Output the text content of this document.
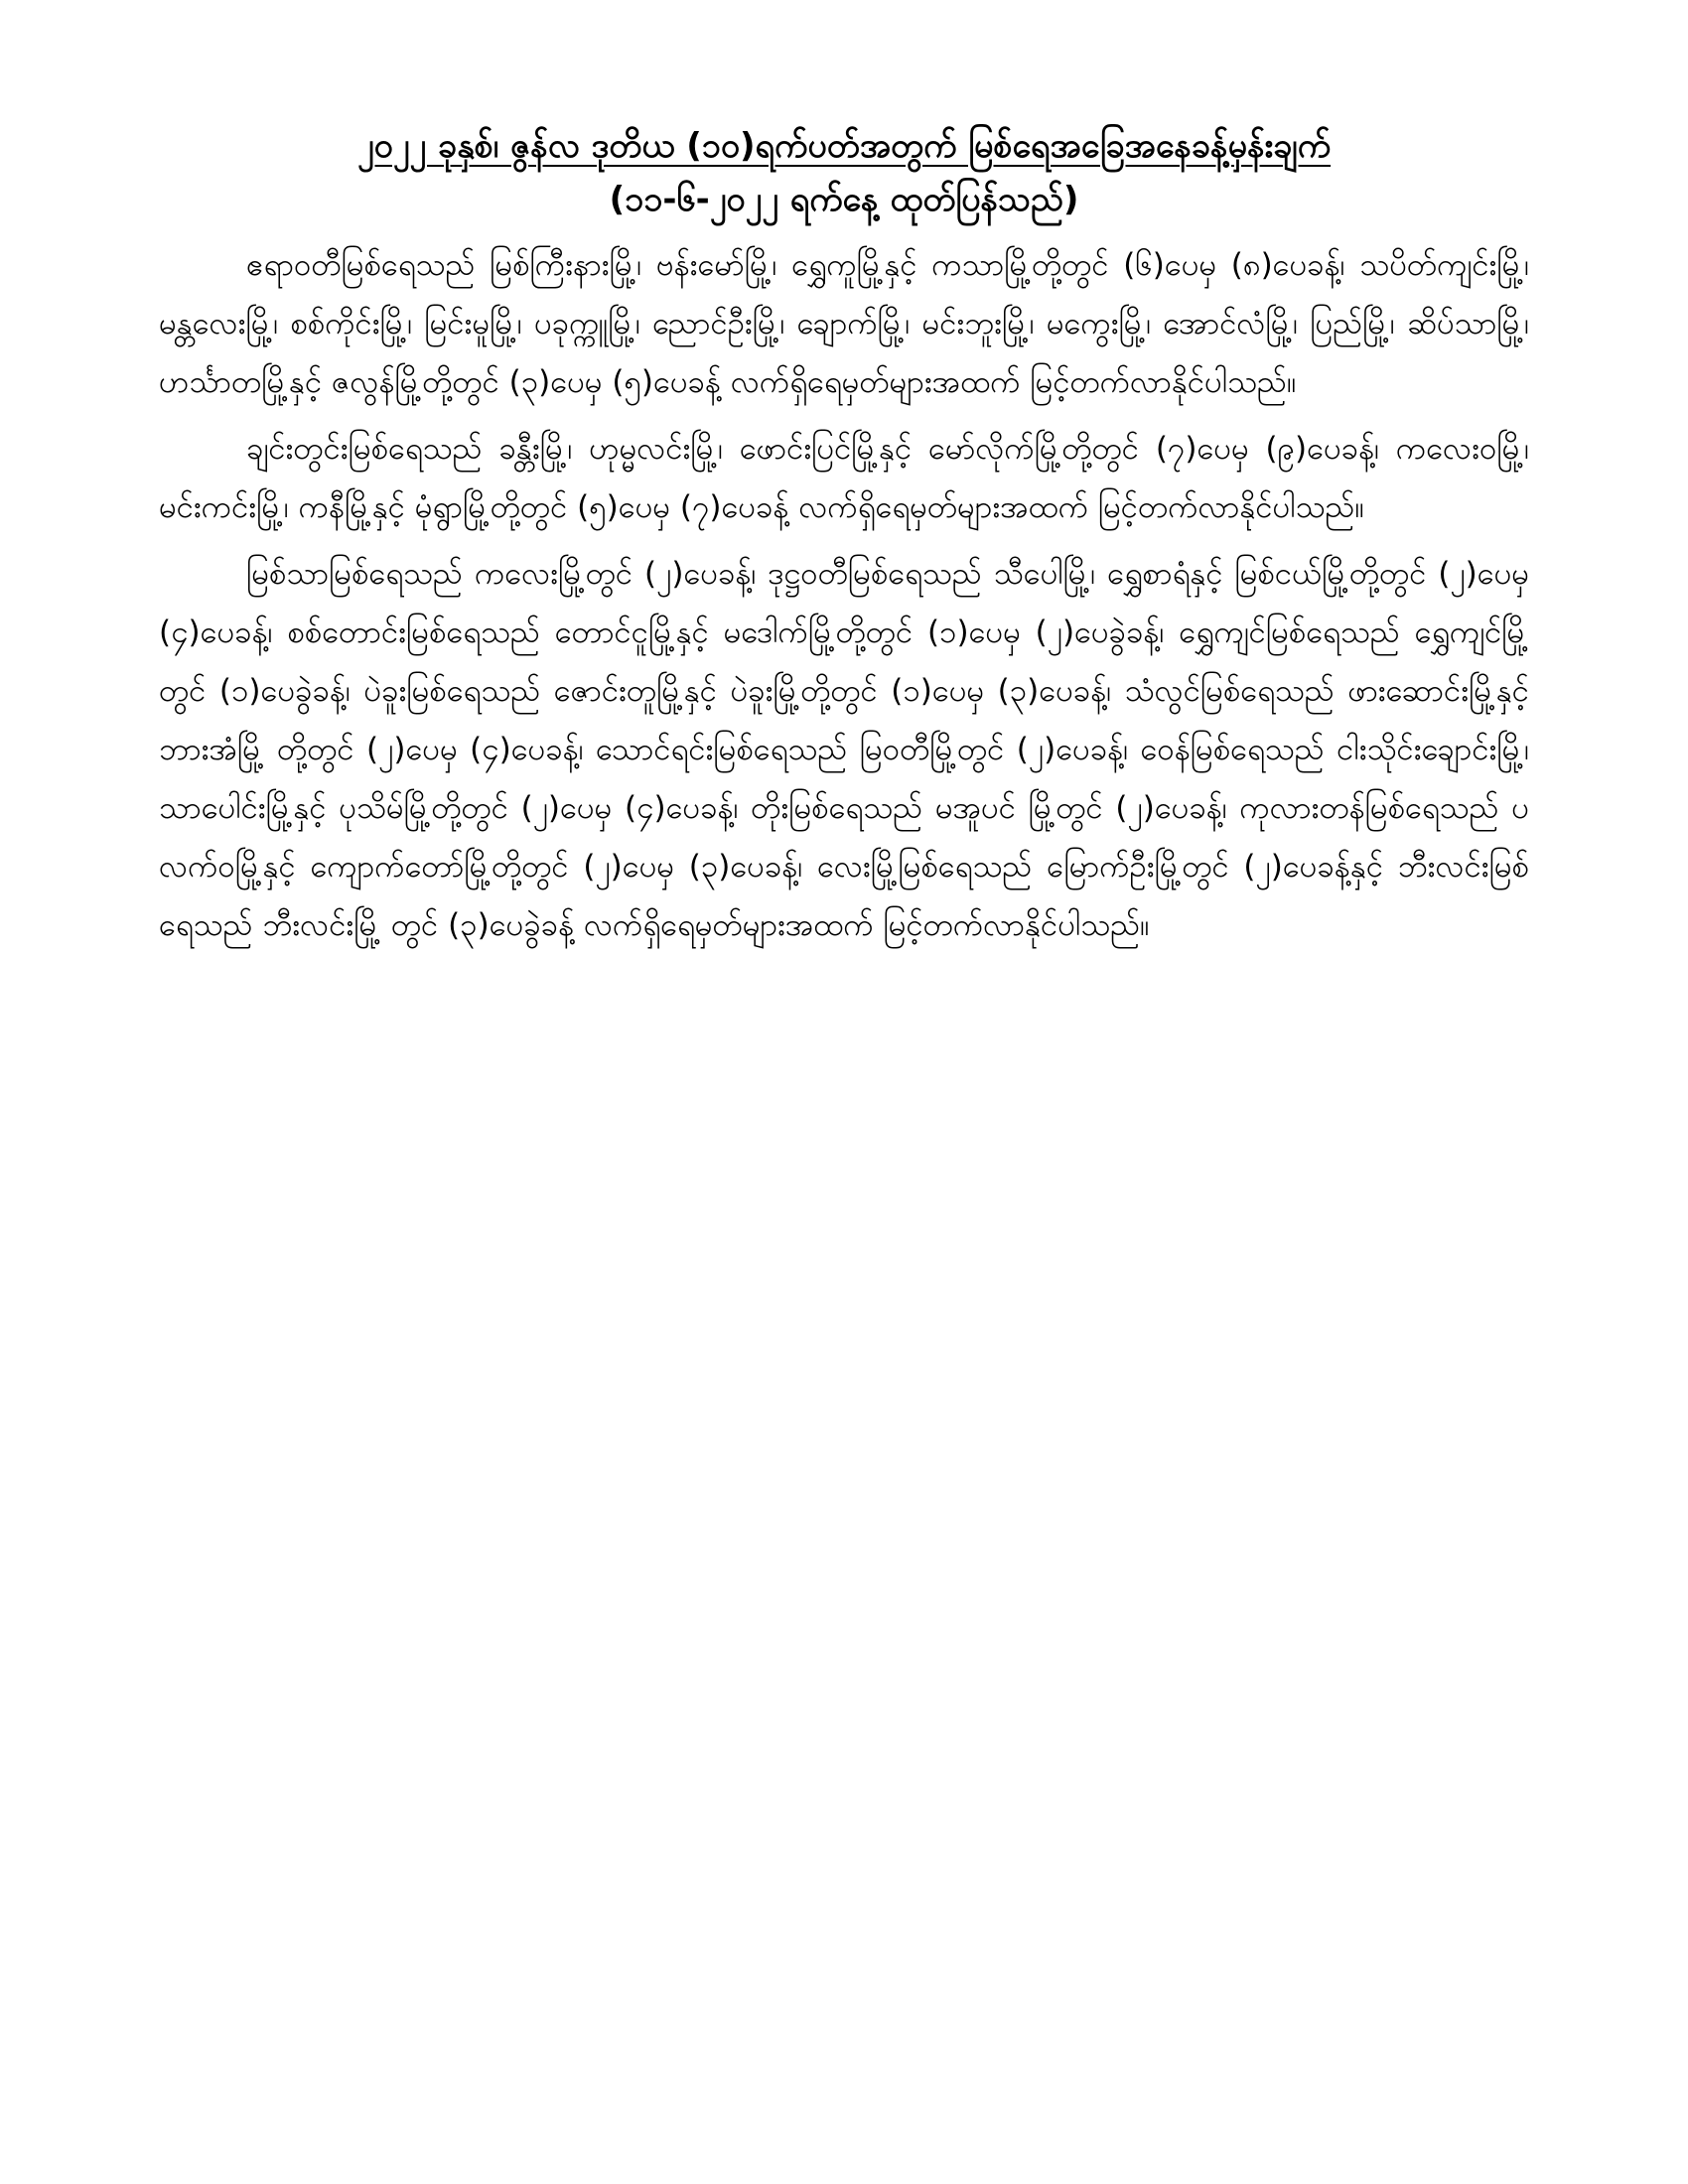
၂၀၂၂ ခုနှစ်၊ ဇွန်လ ဒုတိယ (၁၀)ရက်ပတ်အတွက် မြစ်ရေအခြေအနေခန့်မှန်းချက်
(၁၁-၆-၂၀၂၂ ရက်နေ့ ထုတ်ပြန်သည်)

ဧရာဝတီမြစ်ရေသည် မြစ်ကြီးနားမြို့၊ ဗန်းမော်မြို့၊ ရွှေကူမြို့နှင့် ကသာမြို့တို့တွင် (၆)ပေမှ (၈)ပေခန့်၊ သပိတ်ကျင်းမြို့၊ မန္တလေးမြို့၊ စစ်ကိုင်းမြို့၊ မြင်းမူမြို့၊ ပခုက္ကူမြို့၊ ညောင်ဦးမြို့၊ ချောက်မြို့၊ မင်းဘူးမြို့၊ မကွေးမြို့၊ အောင်လံမြို့၊ ပြည်မြို့၊ ဆိပ်သာမြို့၊ ဟင်္သာတမြို့နှင့် ဇလွန်မြို့တို့တွင် (၃)ပေမှ (၅)ပေခန့် လက်ရှိရေမှတ်များအထက် မြင့်တက်လာနိုင်ပါသည်။

ချင်းတွင်းမြစ်ရေသည် ခန္တီးမြို့၊ ဟုမ္မလင်းမြို့၊ ဖောင်းပြင်မြို့နှင့် မော်လိုက်မြို့တို့တွင် (၇)ပေမှ (၉)ပေခန့်၊ ကလေးဝမြို့၊ မင်းကင်းမြို့၊ ကနီမြို့နှင့် မုံရွာမြို့တို့တွင် (၅)ပေမှ (၇)ပေခန့် လက်ရှိရေမှတ်များအထက် မြင့်တက်လာနိုင်ပါသည်။

မြစ်သာမြစ်ရေသည် ကလေးမြို့တွင် (၂)ပေခန့်၊ ဒုဋ္ဌဝတီမြစ်ရေသည် သီပေါမြို့၊ ရွှေစာရံနှင့် မြစ်ငယ်မြို့တို့တွင် (၂)ပေမှ (၄)ပေခန့်၊ စစ်တောင်းမြစ်ရေသည် တောင်ငူမြို့နှင့် မဒေါက်မြို့တို့တွင် (၁)ပေမှ (၂)ပေခွဲခန့်၊ ရွှေကျင်မြစ်ရေသည် ရွှေကျင်မြို့တွင် (၁)ပေခွဲခန့်၊ ပဲခူးမြစ်ရေသည် ဇောင်းတူမြို့နှင့် ပဲခူးမြို့တို့တွင် (၁)ပေမှ (၃)ပေခန့်၊ သံလွင်မြစ်ရေသည် ဖားဆောင်းမြို့နှင့် ဘားအံမြို့ တို့တွင် (၂)ပေမှ (၄)ပေခန့်၊ သောင်ရင်းမြစ်ရေသည် မြဝတီမြို့တွင် (၂)ပေခန့်၊ ဝေန်မြစ်ရေသည် ငါးသိုင်းချောင်းမြို့၊ သာပေါင်းမြို့နှင့် ပုသိမ်မြို့တို့တွင် (၂)ပေမှ (၄)ပေခန့်၊ တိုးမြစ်ရေသည် မအူပင် မြို့တွင် (၂)ပေခန့်၊ ကုလားတန်မြစ်ရေသည် ပလက်ဝမြို့နှင့် ကျောက်တော်မြို့တို့တွင် (၂)ပေမှ (၃)ပေခန့်၊ လေးမြို့မြစ်ရေသည် မြောက်ဦးမြို့တွင် (၂)ပေခန့်နှင့် ဘီးလင်းမြစ်ရေသည် ဘီးလင်းမြို့ တွင် (၃)ပေခွဲခန့် လက်ရှိရေမှတ်များအထက် မြင့်တက်လာနိုင်ပါသည်။
